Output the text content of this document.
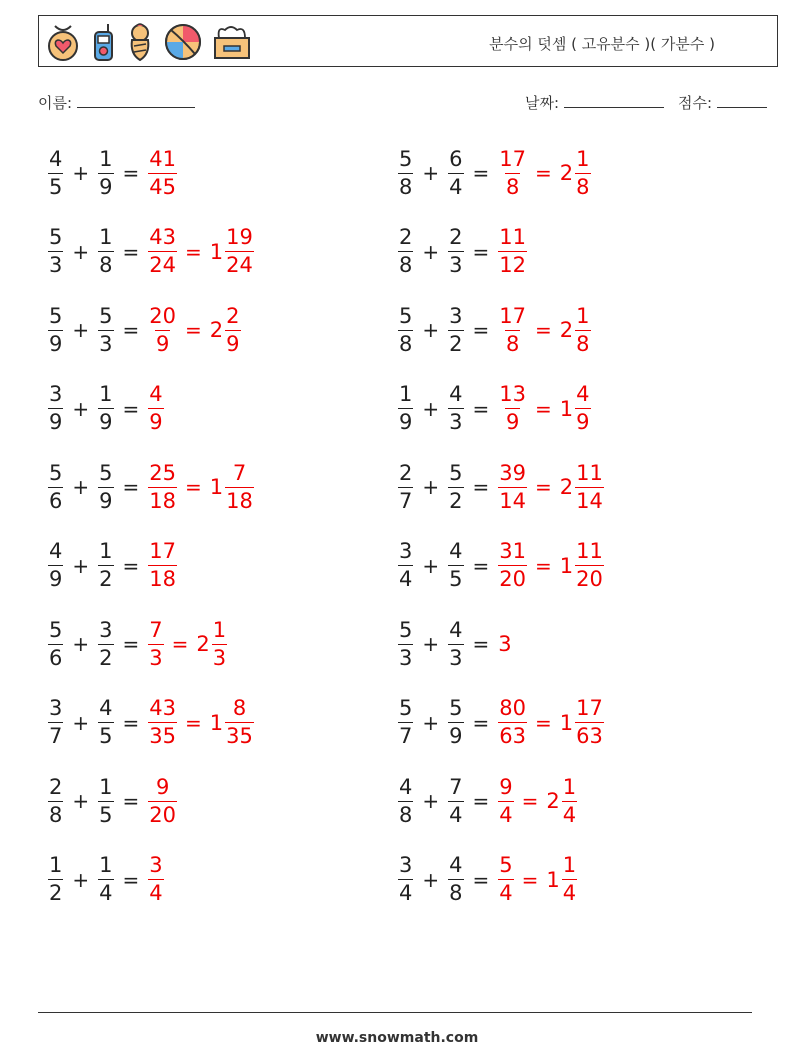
분수의 덧셈 ( 고유분수 )( 가분수 )
이름:	날짜:	점수:
$\frac{4}{5} + \frac{1}{9} = \frac{41}{45}$	$\frac{5}{8} + \frac{6}{4} = \frac{17}{8} = 2 \frac{1}{8}$
$\frac{5}{3} + \frac{1}{8} = \frac{43}{24} = 1 \frac{19}{24}$	$\frac{2}{8} + \frac{2}{3} = \frac{11}{12}$
$\frac{5}{9} + \frac{5}{3} = \frac{20}{9} = 2 \frac{2}{9}$	$\frac{5}{8} + \frac{3}{2} = \frac{17}{8} = 2 \frac{1}{8}$
$\frac{3}{9} + \frac{1}{9} = \frac{4}{9}$	$\frac{1}{9} + \frac{4}{3} = \frac{13}{9} = 1 \frac{4}{9}$
$\frac{5}{6} + \frac{5}{9} = \frac{25}{18} = 1 \frac{7}{18}$	$\frac{2}{7} + \frac{5}{2} = \frac{39}{14} = 2 \frac{11}{14}$
$\frac{4}{9} + \frac{1}{2} = \frac{17}{18}$	$\frac{3}{4} + \frac{4}{5} = \frac{31}{20} = 1 \frac{11}{20}$
$\frac{5}{6} + \frac{3}{2} = \frac{7}{3} = 2 \frac{1}{3}$	$\frac{5}{3} + \frac{4}{3} = 3$
$\frac{3}{7} + \frac{4}{5} = \frac{43}{35} = 1 \frac{8}{35}$	$\frac{5}{7} + \frac{5}{9} = \frac{80}{63} = 1 \frac{17}{63}$
$\frac{2}{8} + \frac{1}{5} = \frac{9}{20}$	$\frac{4}{8} + \frac{7}{4} = \frac{9}{4} = 2 \frac{1}{4}$
$\frac{1}{2} + \frac{1}{4} = \frac{3}{4}$	$\frac{3}{4} + \frac{4}{8} = \frac{5}{4} = 1 \frac{1}{4}$
www.snowmath.com
